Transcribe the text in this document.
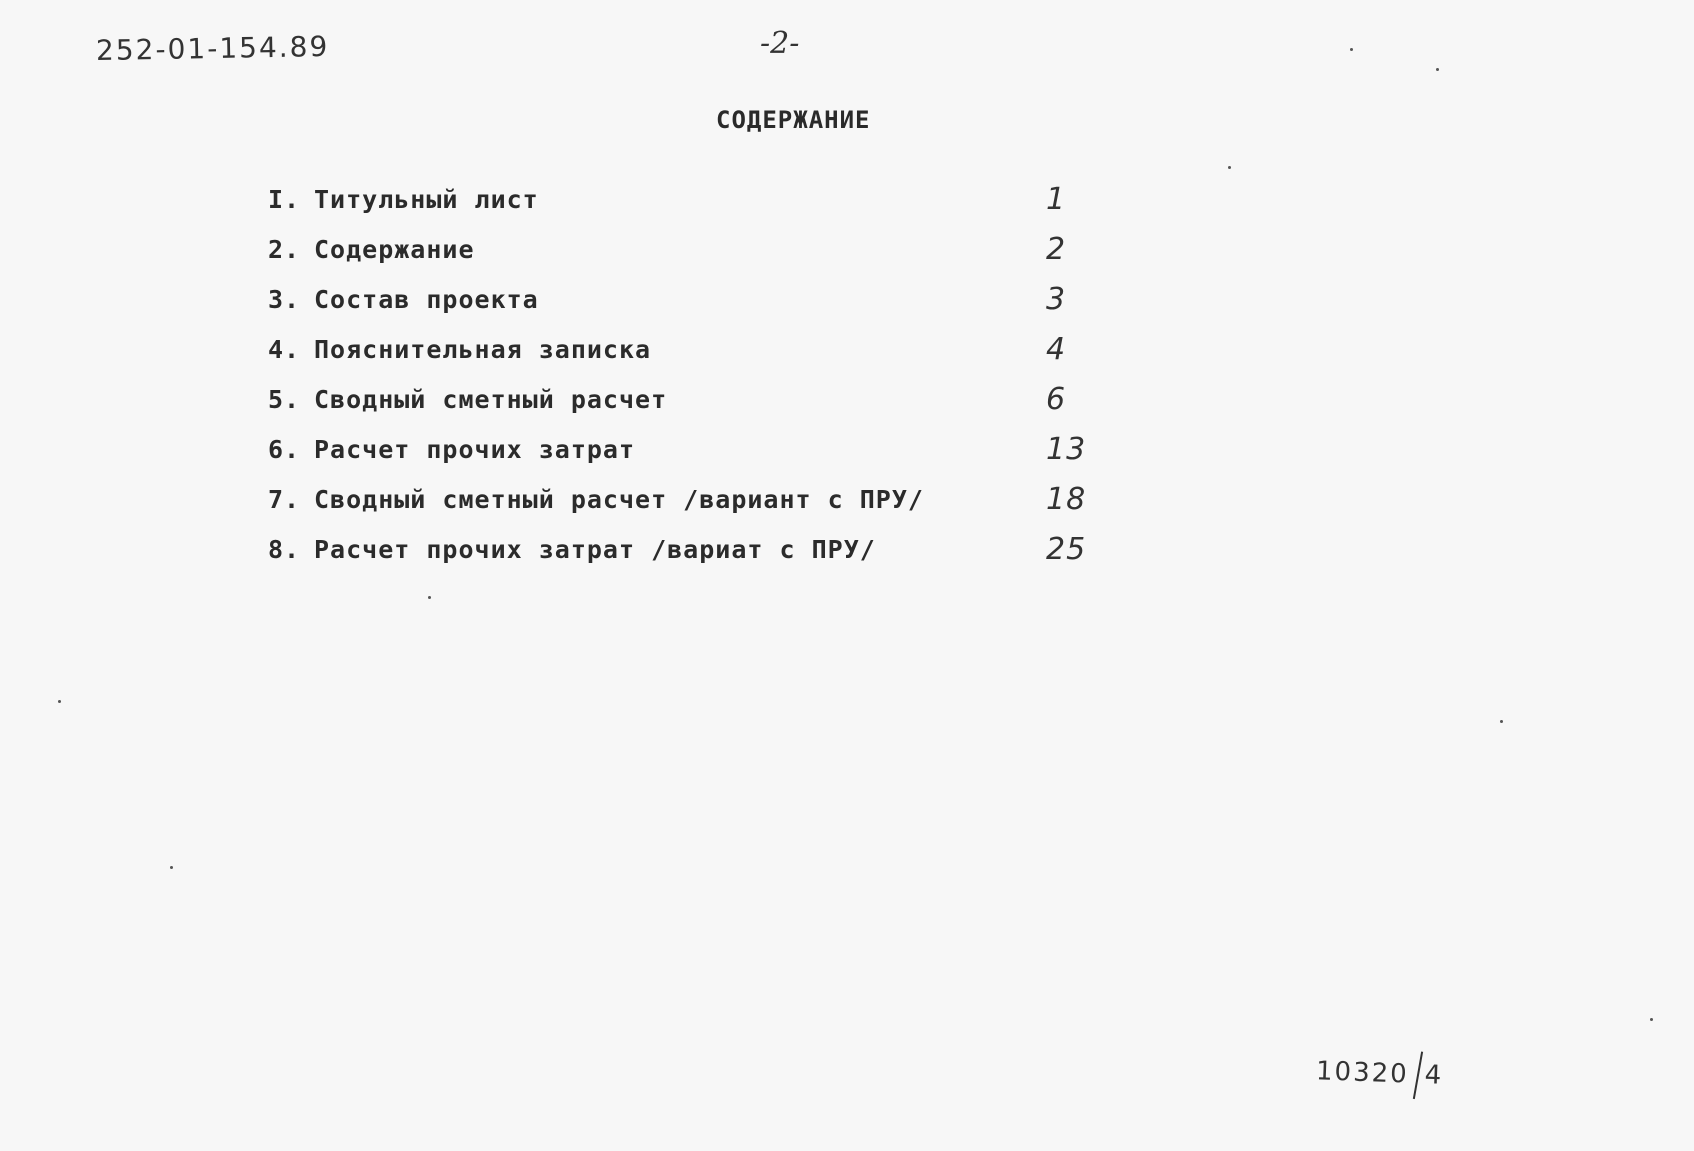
252-01-154.89	-2-
СОДЕРЖАНИЕ
I. Титульный лист	1
2. Содержание	2
3. Состав проекта	3
4. Пояснительная записка	4
5. Сводный сметный расчет	6
6. Расчет прочих затрат	13
7. Сводный сметный расчет /вариант с ПРУ/	18
8. Расчет прочих затрат /вариат с ПРУ/	25
10320 4
